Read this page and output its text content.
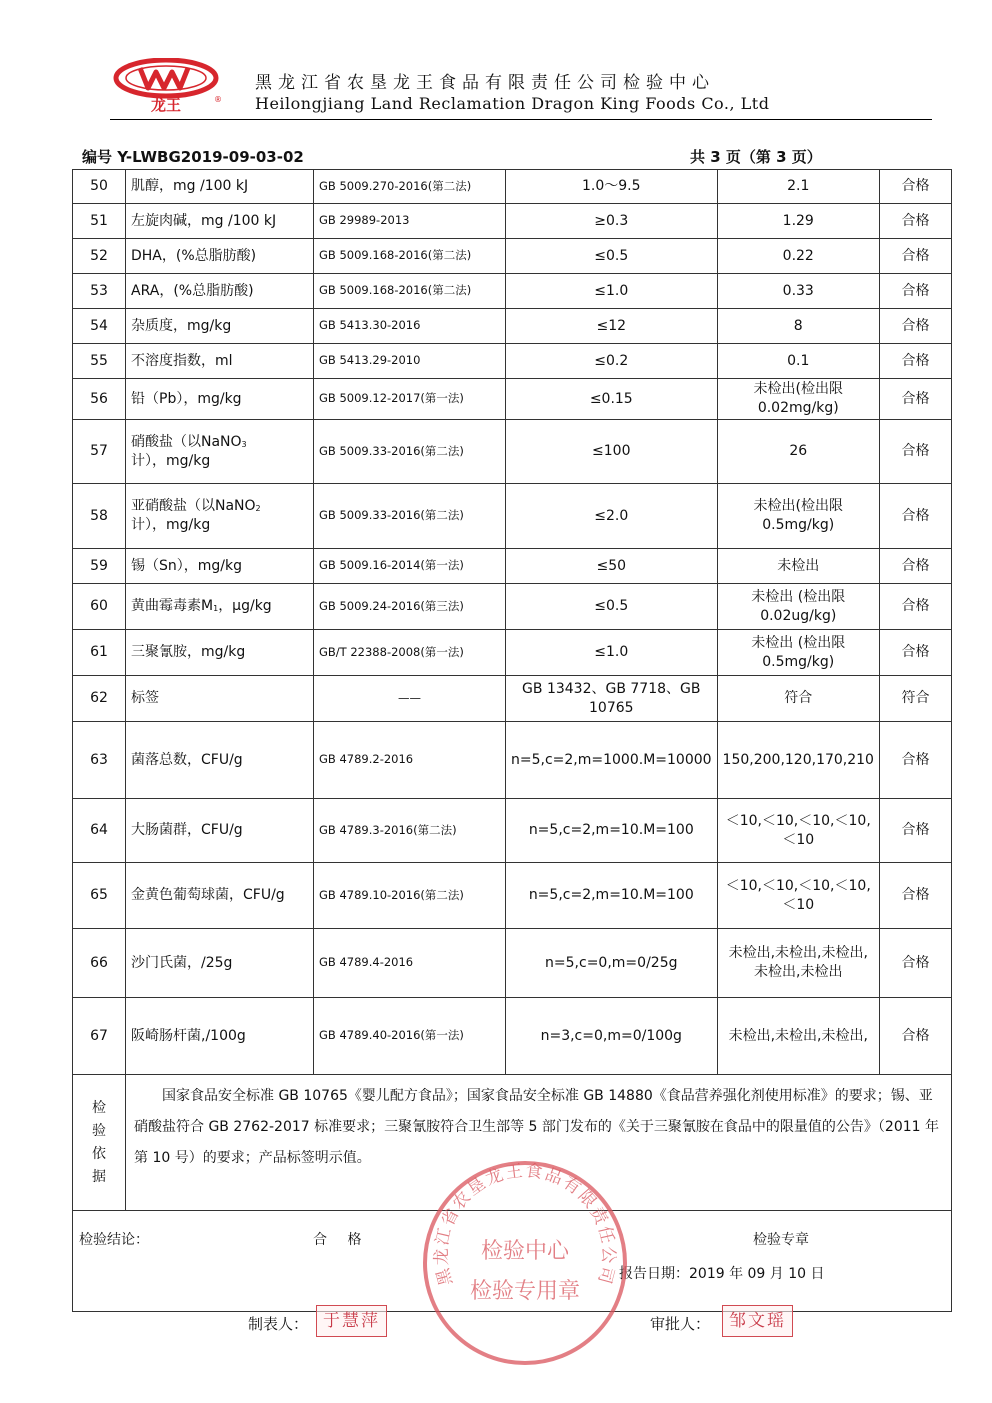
龙王	®
黑龙江省农垦龙王食品有限责任公司检验中心
Heilongjiang Land Reclamation Dragon King Foods Co., Ltd
编号 Y-LWBG2019-09-03-02	共 3 页（第 3 页）
50	肌醇，mg /100 kJ	GB 5009.270-2016(第二法)	1.0～9.5	2.1	合格
51	左旋肉碱，mg /100 kJ	GB 29989-2013	≥0.3	1.29	合格
52	DHA，(%总脂肪酸)	GB 5009.168-2016(第二法)	≤0.5	0.22	合格
53	ARA，(%总脂肪酸)	GB 5009.168-2016(第二法)	≤1.0	0.33	合格
54	杂质度，mg/kg	GB 5413.30-2016	≤12	8	合格
55	不溶度指数，ml	GB 5413.29-2010	≤0.2	0.1	合格
56	铅（Pb），mg/kg	GB 5009.12-2017(第一法)	≤0.15	未检出(检出限 0.02mg/kg)	合格
57	硝酸盐（以NaNO$_3$
计），mg/kg	GB 5009.33-2016(第二法)	≤100	26	合格
58	亚硝酸盐（以NaNO$_2$
计），mg/kg	GB 5009.33-2016(第二法)	≤2.0	未检出(检出限 0.5mg/kg)	合格
59	锡（Sn），mg/kg	GB 5009.16-2014(第一法)	≤50	未检出	合格
60	黄曲霉毒素$M_1$，μg/kg	GB 5009.24-2016(第三法)	≤0.5	未检出 (检出限 0.02ug/kg)	合格
61	三聚氰胺，mg/kg	GB/T 22388-2008(第一法)	≤1.0	未检出 (检出限 0.5mg/kg)	合格
62	标签	——	GB 13432、GB 7718、GB 10765	符合	符合
63	菌落总数，CFU/g	GB 4789.2-2016	n=5,c=2,m=1000.M=10000	150,200,120,170,210	合格
64	大肠菌群，CFU/g	GB 4789.3-2016(第二法)	n=5,c=2,m=10.M=100	＜10,＜10,＜10,＜10,＜10	合格
65	金黄色葡萄球菌，CFU/g	GB 4789.10-2016(第二法)	n=5,c=2,m=10.M=100	＜10,＜10,＜10,＜10,＜10	合格
66	沙门氏菌，/25g	GB 4789.4-2016	n=5,c=0,m=0/25g	未检出,未检出,未检出,未检出,未检出	合格
67	阪崎肠杆菌,/100g	GB 4789.40-2016(第一法)	n=3,c=0,m=0/100g	未检出,未检出,未检出,	合格

检
验
依
据	国家食品安全标准 GB 10765《婴儿配方食品》；国家食品安全标准 GB 14880《食品营养强化剂使用标准》的要求；锡、亚硝酸盐符合 GB 2762-2017 标准要求；三聚氰胺符合卫生部等 5 部门发布的《关于三聚氰胺在食品中的限量值的公告》（2011 年第 10 号）的要求；产品标签明示值。				

检验结论： 合 格 检验专章
报告日期：2019 年 09 月 10 日					
黑龙江省农垦龙王食品有限责任公司
检验中心
检验专用章
制表人： 于慧萍	审批人：	邹文瑶
